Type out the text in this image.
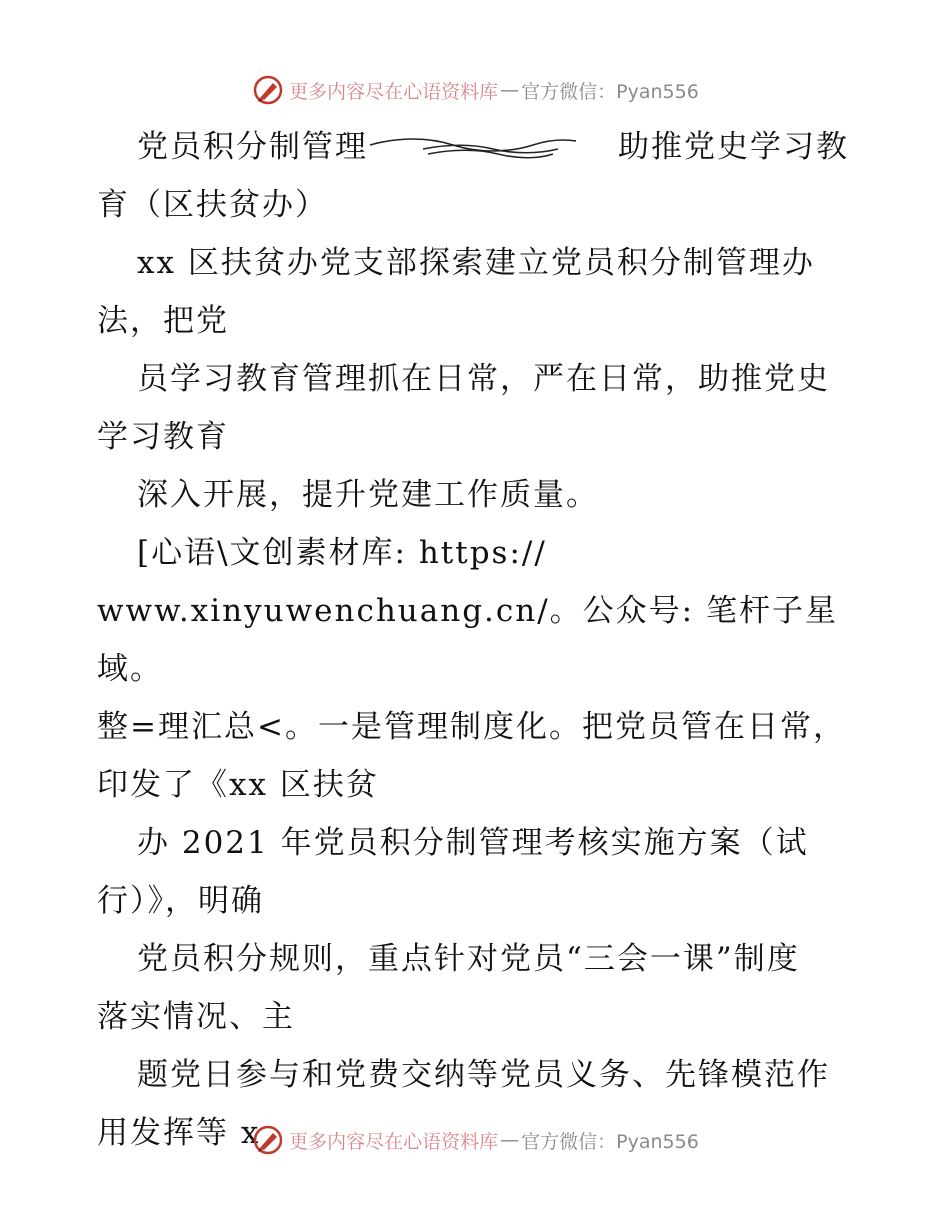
更多内容尽在心语资料库 — 官方微信：Pyan556

党员积分制管理	助推党史学习教

育（区扶贫办）

xx 区扶贫办党支部探索建立党员积分制管理办

法，把党

员学习教育管理抓在日常，严在日常，助推党史

学习教育

深入开展，提升党建工作质量。

[心语\文创素材库: https://

www.xinyuwenchuang.cn/。公众号: 笔杆子星域。

整=理汇总<。一是管理制度化。把党员管在日常，

印发了《xx 区扶贫

办 2021 年党员积分制管理考核实施方案（试

行）》，明确

党员积分规则，重点针对党员“三会一课”制度

落实情况、主

题党日参与和党费交纳等党员义务、先锋模范作

用发挥等 x	更多内容尽在心语资料库 — 官方微信：Pyan556
